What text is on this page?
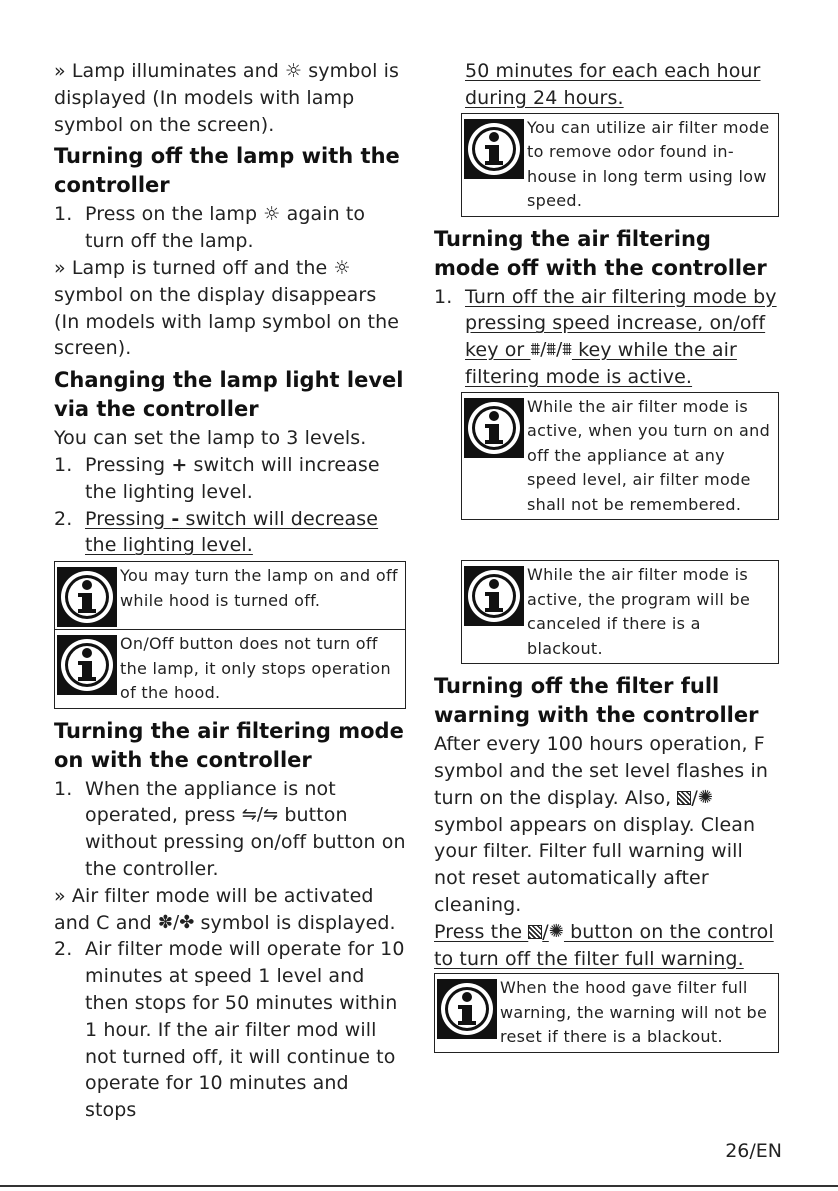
» Lamp illuminates and ☼ symbol is displayed (In models with lamp symbol on the screen).

Turning off the lamp with the controller
1. Press on the lamp ☼ again to turn off the lamp.

» Lamp is turned off and the ☼ symbol on the display disappears (In models with lamp symbol on the screen).

Changing the lamp light level via the controller

You can set the lamp to 3 levels.

1. Pressing + switch will increase the lighting level.
2. Pressing - switch will decrease the lighting level.

You may turn the lamp on and off while hood is turned off.

On/Off button does not turn off the lamp, it only stops operation of the hood.

Turning the air filtering mode on with the controller
1. When the appliance is not operated, press ⇋/⇋ button without pressing on/off button on the controller.

» Air filter mode will be activated and C and ✽/✤ symbol is displayed.

2. Air filter mode will operate for 10 minutes at speed 1 level and then stops for 50 minutes within 1 hour. If the air filter mod will not turned off, it will continue to operate for 10 minutes and stops

50 minutes for each each hour during 24 hours.

You can utilize air filter mode to remove odor found in-house in long term using low speed.

Turning the air filtering mode off with the controller
1. Turn off the air filtering mode by pressing speed increase, on/off key or ⩩/⩩/⩩ key while the air filtering mode is active.

While the air filter mode is active, when you turn on and off the appliance at any speed level, air filter mode shall not be remembered.

While the air filter mode is active, the program will be canceled if there is a blackout.

Turning off the filter full warning with the controller

After every 100 hours operation, F symbol and the set level flashes in turn on the display. Also, /✺ symbol appears on display. Clean your filter. Filter full warning will not reset automatically after cleaning.

Press the /✺ button on the control to turn off the filter full warning.

When the hood gave filter full warning, the warning will not be reset if there is a blackout.

26/EN
